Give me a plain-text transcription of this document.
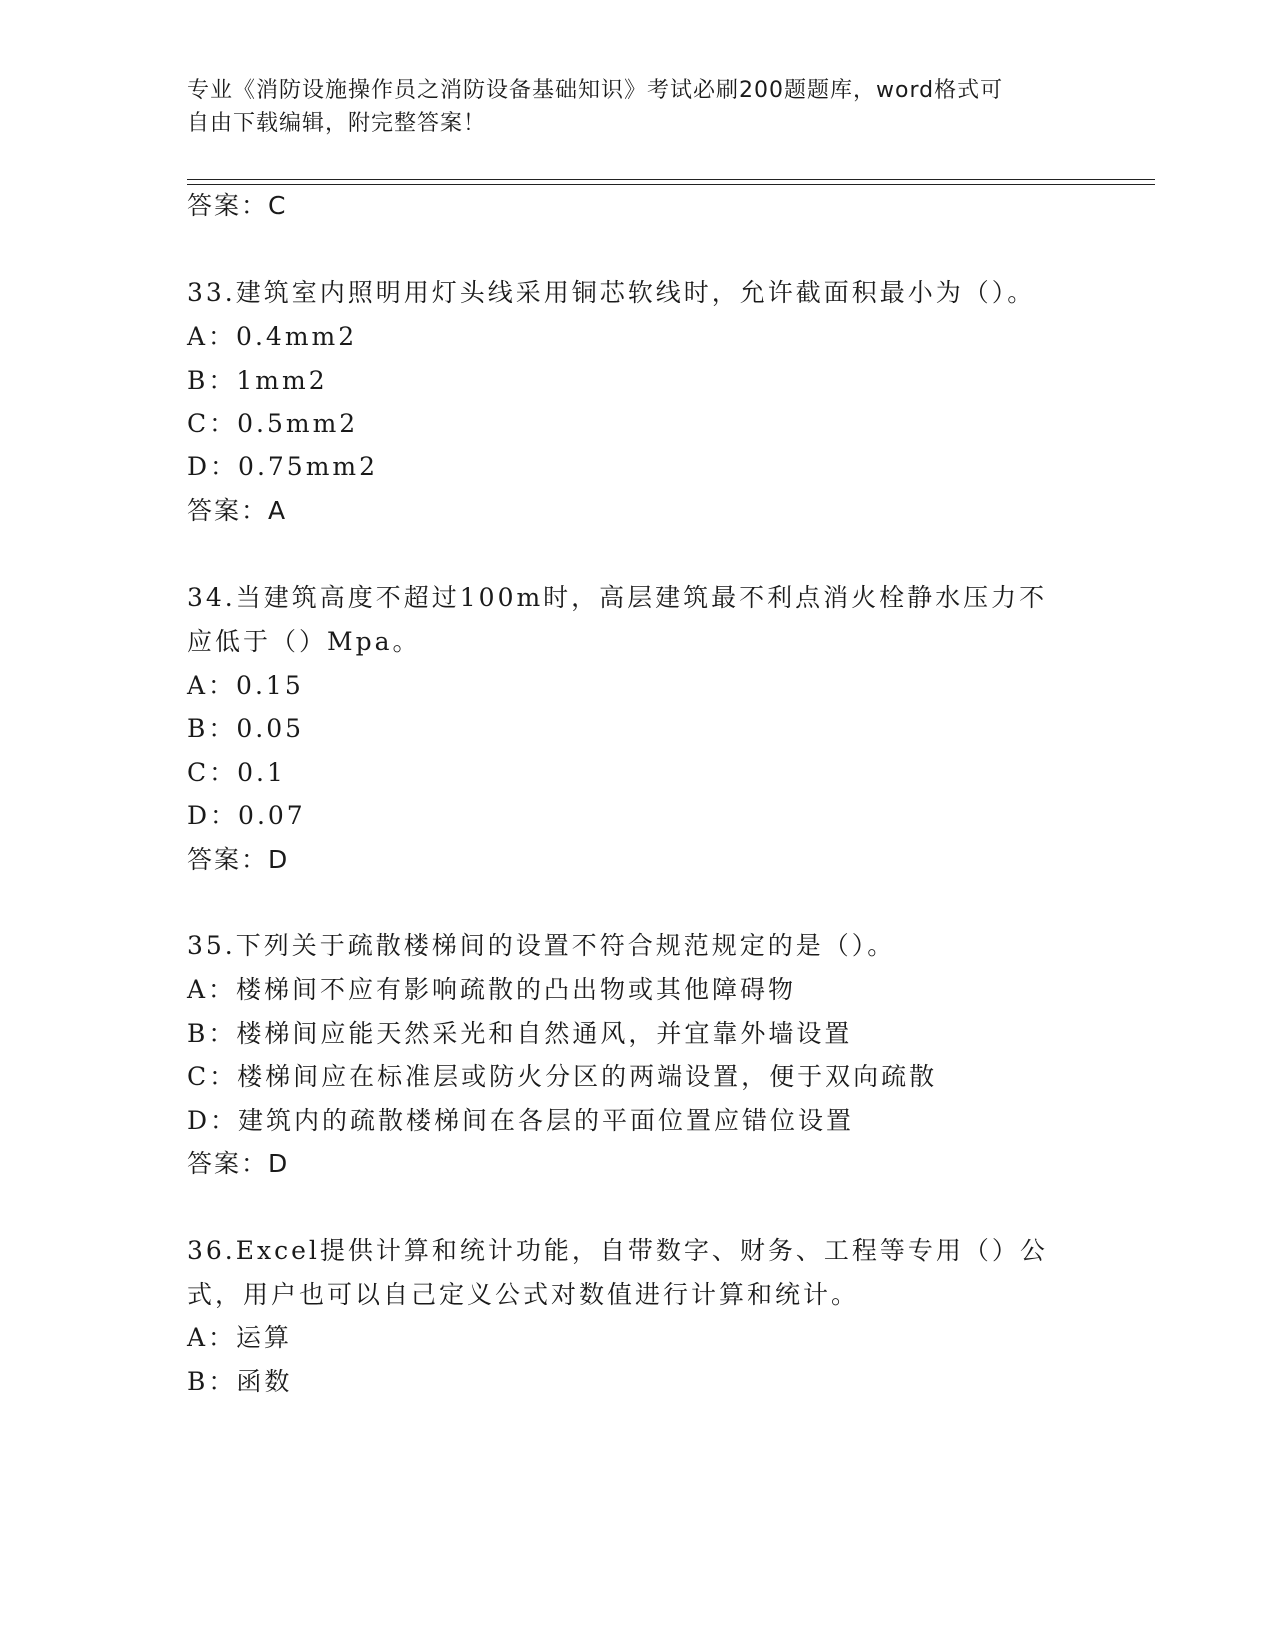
专业《消防设施操作员之消防设备基础知识》考试必刷200题题库，word格式可
自由下载编辑，附完整答案！
答案：C
33.建筑室内照明用灯头线采用铜芯软线时，允许截面积最小为（）。
A：0.4mm2
B：1mm2
C：0.5mm2
D：0.75mm2
答案：A
34.当建筑高度不超过100m时，高层建筑最不利点消火栓静水压力不
应低于（）Mpa。
A：0.15
B：0.05
C：0.1
D：0.07
答案：D
35.下列关于疏散楼梯间的设置不符合规范规定的是（）。
A：楼梯间不应有影响疏散的凸出物或其他障碍物
B：楼梯间应能天然采光和自然通风，并宜靠外墙设置
C：楼梯间应在标准层或防火分区的两端设置，便于双向疏散
D：建筑内的疏散楼梯间在各层的平面位置应错位设置
答案：D
36.Excel提供计算和统计功能，自带数字、财务、工程等专用（）公
式，用户也可以自己定义公式对数值进行计算和统计。
A：运算
B：函数
